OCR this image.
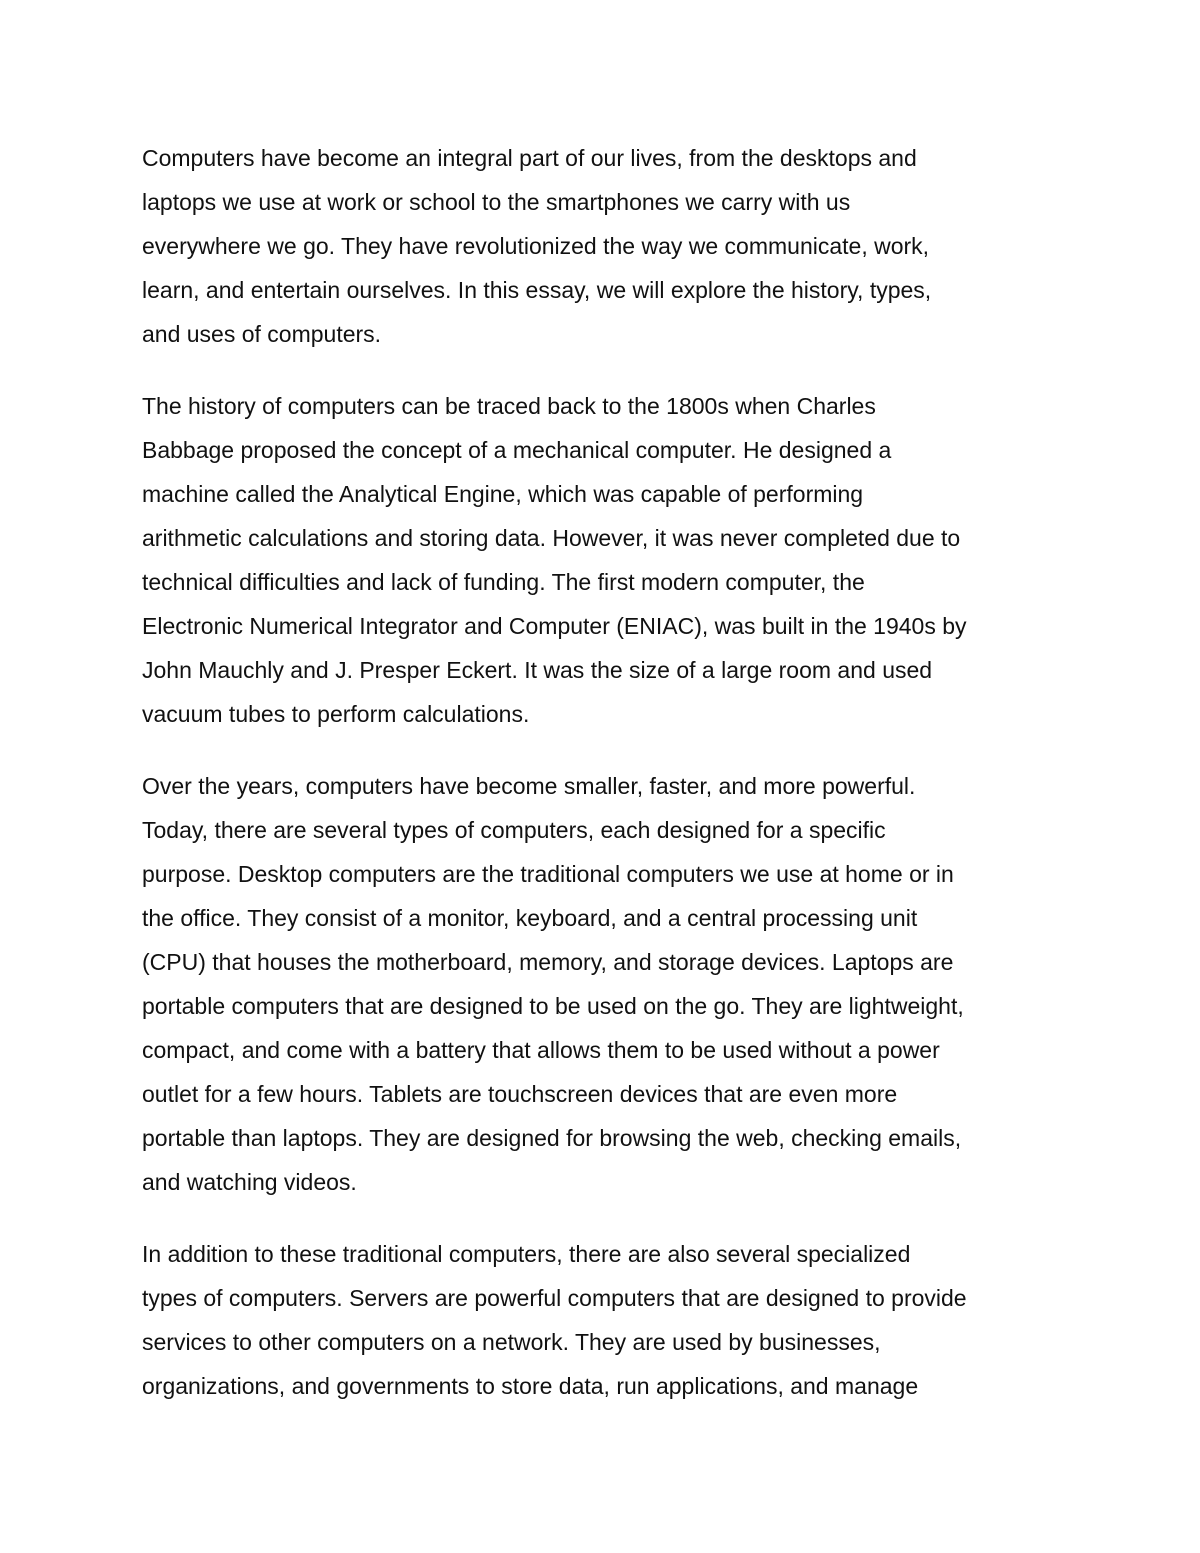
Computers have become an integral part of our lives, from the desktops and
laptops we use at work or school to the smartphones we carry with us
everywhere we go. They have revolutionized the way we communicate, work,
learn, and entertain ourselves. In this essay, we will explore the history, types,
and uses of computers.
The history of computers can be traced back to the 1800s when Charles
Babbage proposed the concept of a mechanical computer. He designed a
machine called the Analytical Engine, which was capable of performing
arithmetic calculations and storing data. However, it was never completed due to
technical difficulties and lack of funding. The first modern computer, the
Electronic Numerical Integrator and Computer (ENIAC), was built in the 1940s by
John Mauchly and J. Presper Eckert. It was the size of a large room and used
vacuum tubes to perform calculations.
Over the years, computers have become smaller, faster, and more powerful.
Today, there are several types of computers, each designed for a specific
purpose. Desktop computers are the traditional computers we use at home or in
the office. They consist of a monitor, keyboard, and a central processing unit
(CPU) that houses the motherboard, memory, and storage devices. Laptops are
portable computers that are designed to be used on the go. They are lightweight,
compact, and come with a battery that allows them to be used without a power
outlet for a few hours. Tablets are touchscreen devices that are even more
portable than laptops. They are designed for browsing the web, checking emails,
and watching videos.
In addition to these traditional computers, there are also several specialized
types of computers. Servers are powerful computers that are designed to provide
services to other computers on a network. They are used by businesses,
organizations, and governments to store data, run applications, and manage
